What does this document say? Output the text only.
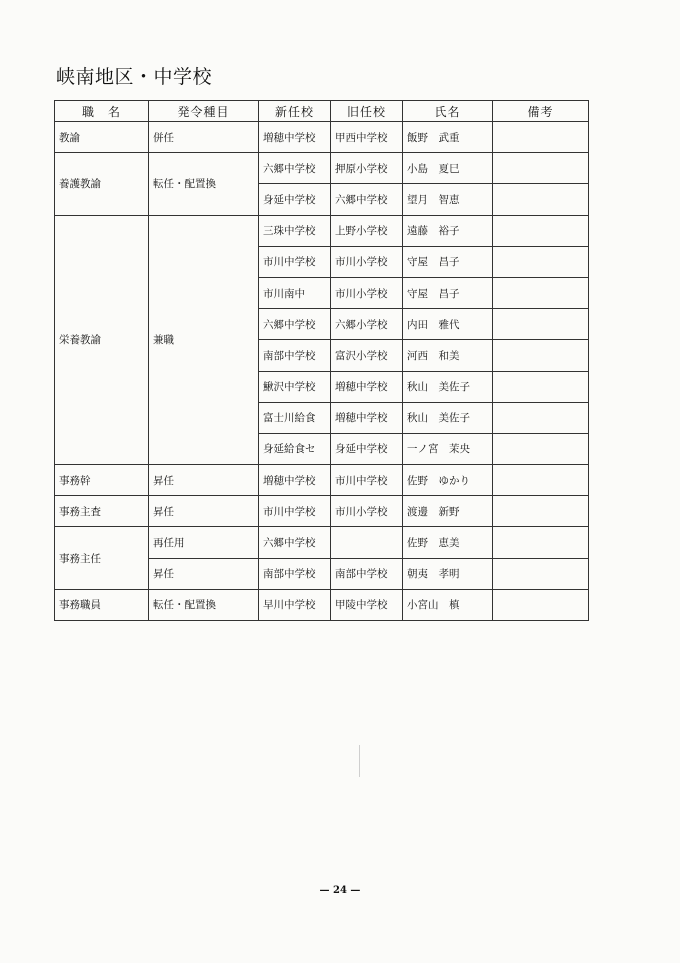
峡南地区・中学校
職　名	発令種目	新任校	旧任校	氏名	備考
教諭	併任	増穂中学校	甲西中学校	飯野　武重	
養護教諭	転任・配置換	六郷中学校	押原小学校	小島　夏巳	
		身延中学校	六郷中学校	望月　智恵	
栄養教諭	兼職	三珠中学校	上野小学校	遠藤　裕子	
		市川中学校	市川小学校	守屋　昌子	
		市川南中	市川小学校	守屋　昌子	
		六郷中学校	六郷小学校	内田　雅代	
		南部中学校	富沢小学校	河西　和美	
		鰍沢中学校	増穂中学校	秋山　美佐子	
		富士川給食	増穂中学校	秋山　美佐子	
		身延給食セ	身延中学校	一ノ宮　茉央	
事務幹	昇任	増穂中学校	市川中学校	佐野　ゆかり	
事務主査	昇任	市川中学校	市川小学校	渡邊　新野	
事務主任	再任用	六郷中学校		佐野　恵美	
	昇任	南部中学校	南部中学校	朝夷　孝明	
事務職員	転任・配置換	早川中学校	甲陵中学校	小宮山　槙	
— 24 —
